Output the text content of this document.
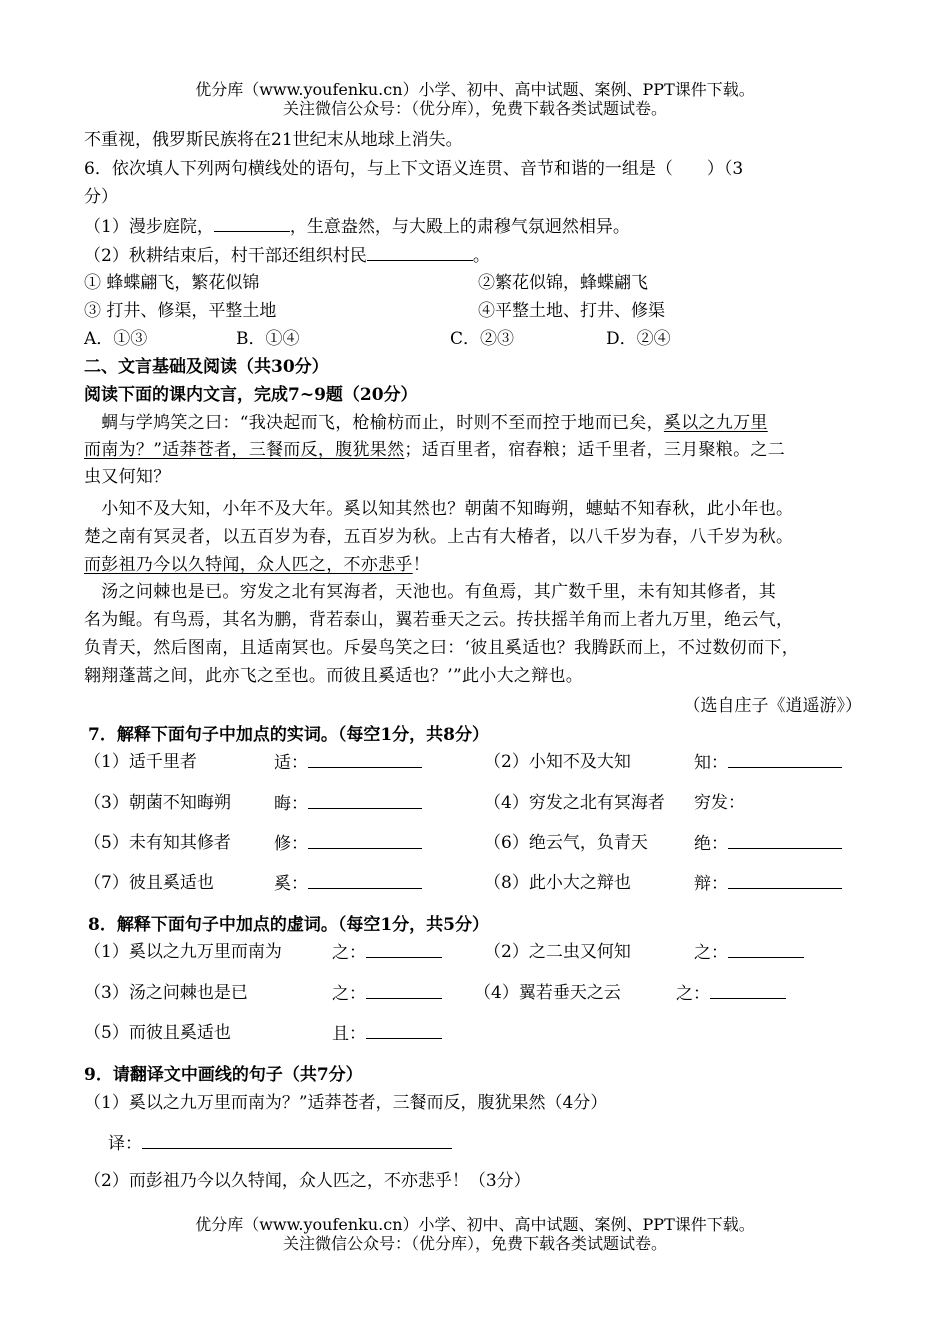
优分库（www.youfenku.cn）小学、初中、高中试题、案例、PPT课件下载。
关注微信公众号：（优分库），免费下载各类试题试卷。
不重视，俄罗斯民族将在21世纪末从地球上消失。
6．依次填人下列两句横线处的语句，与上下文语义连贯、音节和谐的一组是（　　）（3
分）
（1）漫步庭院，	，生意盎然，与大殿上的肃穆气氛迥然相异。
（2）秋耕结束后，村干部还组织村民	。
① 蜂蝶翩飞，繁花似锦	②繁花似锦，蜂蝶翩飞
③ 打井、修渠，平整土地	④平整土地、打井、修渠
A．①③	B．①④	C．②③	D．②④
二、文言基础及阅读（共30分）
阅读下面的课内文言，完成7~9题（20分）
　蜩与学鸠笑之曰：“我决起而飞，枪榆枋而止，时则不至而控于地而已矣，奚以之九万里
而南为？”适莽苍者，三餐而反，腹犹果然；适百里者，宿舂粮；适千里者，三月聚粮。之二
虫又何知？
　小知不及大知，小年不及大年。奚以知其然也？朝菌不知晦朔，蟪蛄不知春秋，此小年也。
楚之南有冥灵者，以五百岁为春，五百岁为秋。上古有大椿者，以八千岁为春，八千岁为秋。
而彭祖乃今以久特闻，众人匹之，不亦悲乎！
　汤之问棘也是已。穷发之北有冥海者，天池也。有鱼焉，其广数千里，未有知其修者，其
名为鲲。有鸟焉，其名为鹏，背若泰山，翼若垂天之云。抟扶摇羊角而上者九万里，绝云气，
负青天，然后图南，且适南冥也。斥晏鸟笑之曰：‘彼且奚适也？我腾跃而上，不过数仞而下，
翱翔蓬蒿之间，此亦飞之至也。而彼且奚适也？’”此小大之辩也。
（选自庄子《逍遥游》）
7．解释下面句子中加点的实词。（每空1分，共8分）
（1）适千里者	适：	（2）小知不及大知	知：
（3）朝菌不知晦朔	晦：	（4）穷发之北有冥海者 穷发：
（5）未有知其修者	修：	（6）绝云气，负青天	绝：
（7）彼且奚适也	奚：	（8）此小大之辩也	辩：
8．解释下面句子中加点的虚词。（每空1分，共5分）
（1）奚以之九万里而南为	之：	（2）之二虫又何知	之：
（3）汤之问棘也是已	之：	（4）翼若垂天之云	之：
（5）而彼且奚适也	且：
9．请翻译文中画线的句子（共7分）
（1）奚以之九万里而南为？”适莽苍者，三餐而反，腹犹果然（4分）
译：
（2）而彭祖乃今以久特闻，众人匹之，不亦悲乎！（3分）
优分库（www.youfenku.cn）小学、初中、高中试题、案例、PPT课件下载。
关注微信公众号：（优分库），免费下载各类试题试卷。
